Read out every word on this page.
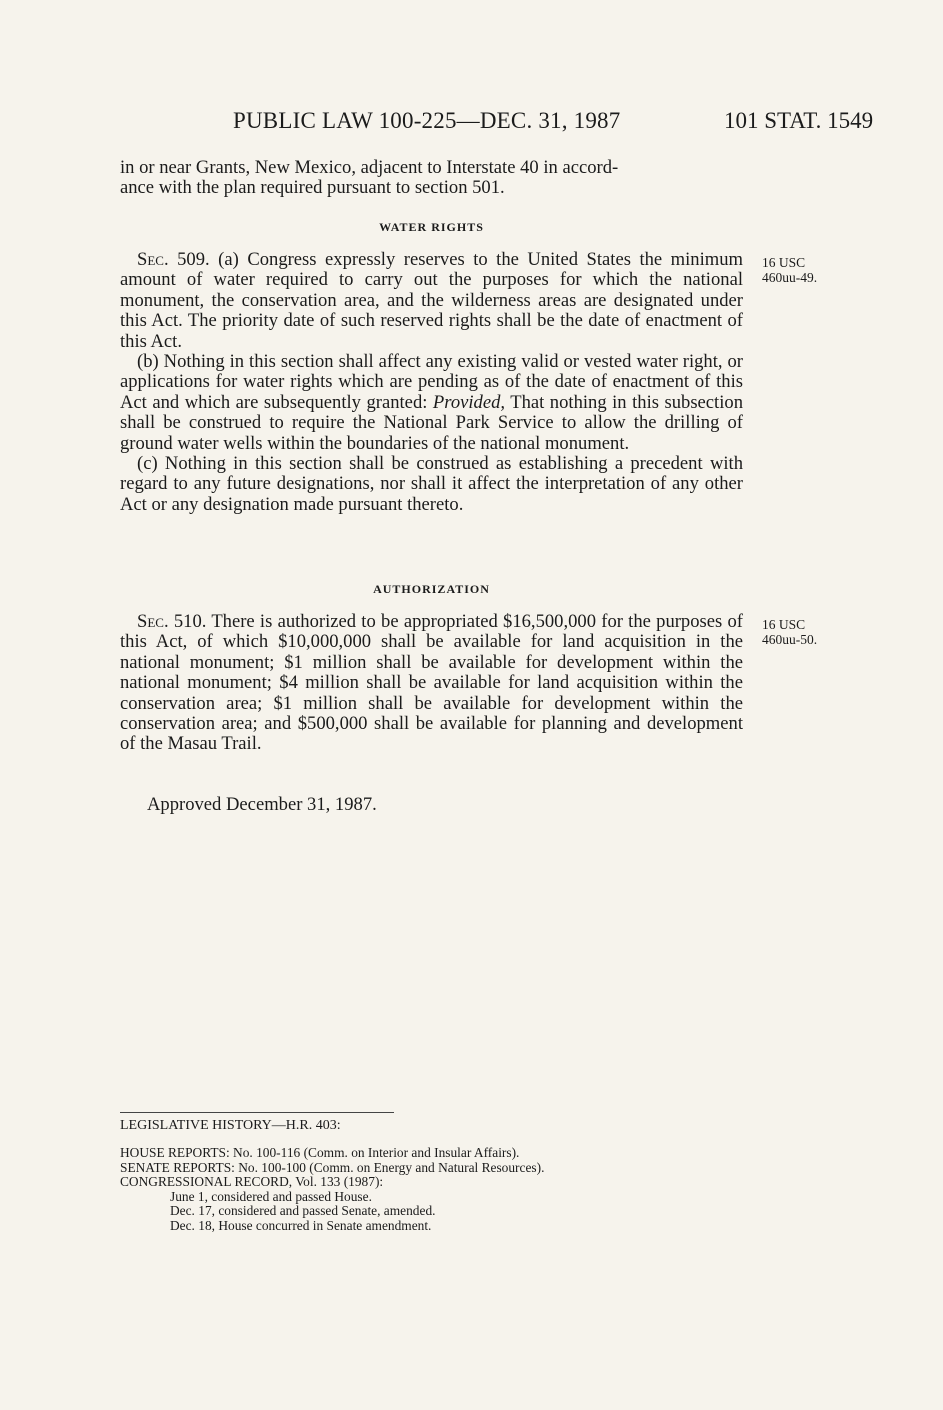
PUBLIC LAW 100-225—DEC. 31, 1987	101 STAT. 1549
in or near Grants, New Mexico, adjacent to Interstate 40 in accord-
ance with the plan required pursuant to section 501.
WATER RIGHTS
16 USC
460uu-49.

Sec. 509. (a) Congress expressly reserves to the United States the minimum amount of water required to carry out the purposes for which the national monument, the conservation area, and the wilderness areas are designated under this Act. The priority date of such reserved rights shall be the date of enactment of this Act.

(b) Nothing in this section shall affect any existing valid or vested water right, or applications for water rights which are pending as of the date of enactment of this Act and which are subsequently granted: Provided, That nothing in this subsection shall be construed to require the National Park Service to allow the drilling of ground water wells within the boundaries of the national monument.

(c) Nothing in this section shall be construed as establishing a precedent with regard to any future designations, nor shall it affect the interpretation of any other Act or any designation made pursuant thereto.

AUTHORIZATION
16 USC
460uu-50.

Sec. 510. There is authorized to be appropriated $16,500,000 for the purposes of this Act, of which $10,000,000 shall be available for land acquisition in the national monument; $1 million shall be available for development within the national monument; $4 million shall be available for land acquisition within the conservation area; $1 million shall be available for development within the conservation area; and $500,000 shall be available for planning and development of the Masau Trail.

Approved December 31, 1987.
LEGISLATIVE HISTORY—H.R. 403:
HOUSE REPORTS: No. 100-116 (Comm. on Interior and Insular Affairs).
SENATE REPORTS: No. 100-100 (Comm. on Energy and Natural Resources).
CONGRESSIONAL RECORD, Vol. 133 (1987):
June 1, considered and passed House.
Dec. 17, considered and passed Senate, amended.
Dec. 18, House concurred in Senate amendment.
